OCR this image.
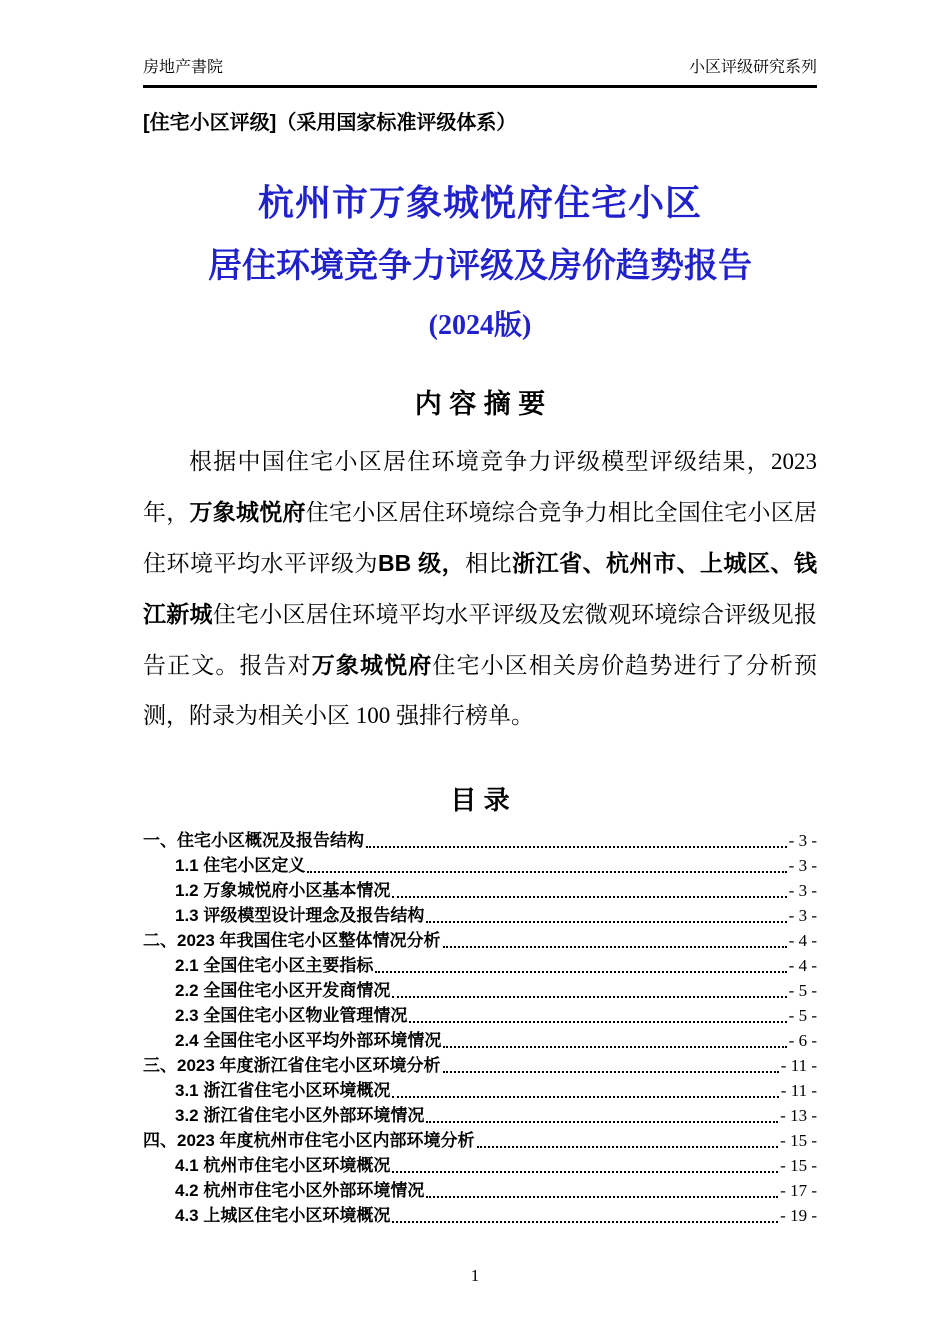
房地产書院	小区评级研究系列
[住宅小区评级]（采用国家标准评级体系）
杭州市万象城悦府住宅小区
居住环境竞争力评级及房价趋势报告
(2024版)
内 容 摘 要

根据中国住宅小区居住环境竞争力评级模型评级结果，2023 年，万象城悦府住宅小区居住环境综合竞争力相比全国住宅小区居住环境平均水平评级为BB 级，相比浙江省、杭州市、上城区、钱江新城住宅小区居住环境平均水平评级及宏微观环境综合评级见报告正文。报告对万象城悦府住宅小区相关房价趋势进行了分析预测，附录为相关小区 100 强排行榜单。

目 录
一、住宅小区概况及报告结构	- 3 -
1.1 住宅小区定义	- 3 -
1.2 万象城悦府小区基本情况	- 3 -
1.3 评级模型设计理念及报告结构	- 3 -
二、2023 年我国住宅小区整体情况分析	- 4 -
2.1 全国住宅小区主要指标	- 4 -
2.2 全国住宅小区开发商情况	- 5 -
2.3 全国住宅小区物业管理情况	- 5 -
2.4 全国住宅小区平均外部环境情况	- 6 -
三、2023 年度浙江省住宅小区环境分析	- 11 -
3.1 浙江省住宅小区环境概况	- 11 -
3.2 浙江省住宅小区外部环境情况	- 13 -
四、2023 年度杭州市住宅小区内部环境分析	- 15 -
4.1 杭州市住宅小区环境概况	- 15 -
4.2 杭州市住宅小区外部环境情况	- 17 -
4.3 上城区住宅小区环境概况	- 19 -
1
